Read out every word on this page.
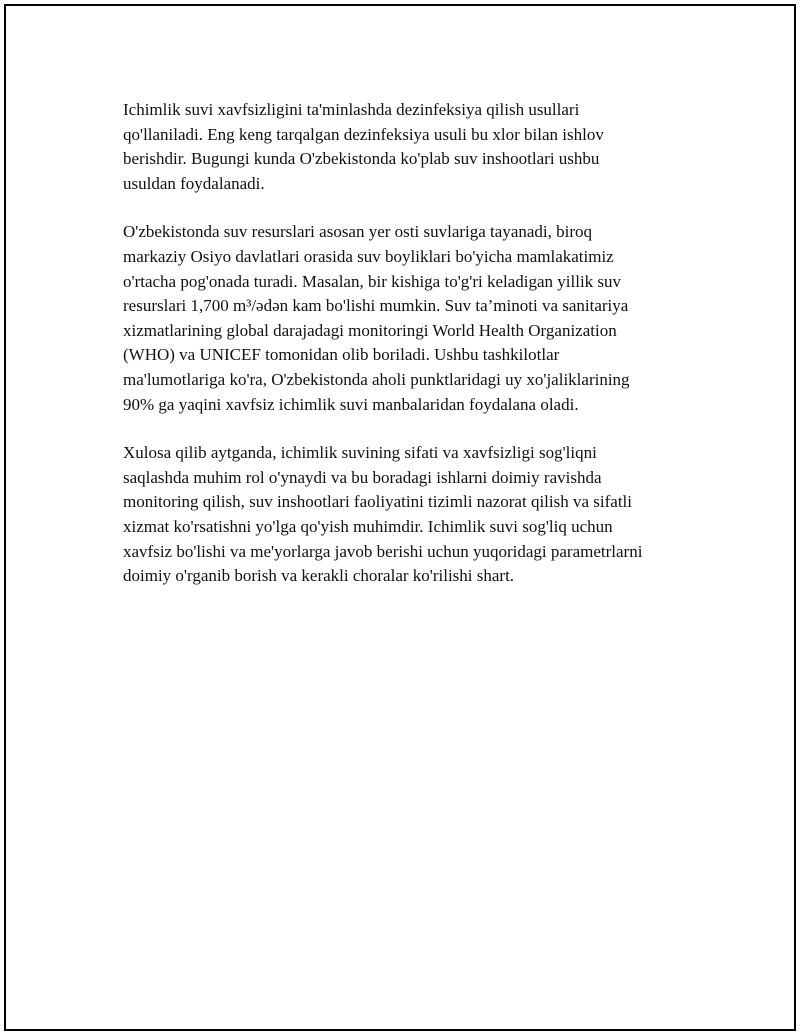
Ichimlik suvi xavfsizligini ta'minlashda dezinfeksiya qilish usullari
qo'llaniladi. Eng keng tarqalgan dezinfeksiya usuli bu xlor bilan ishlov
berishdir. Bugungi kunda O'zbekistonda ko'plab suv inshootlari ushbu
usuldan foydalanadi.

O'zbekistonda suv resurslari asosan yer osti suvlariga tayanadi, biroq
markaziy Osiyo davlatlari orasida suv boyliklari bo'yicha mamlakatimiz
o'rtacha pog'onada turadi. Masalan, bir kishiga to'g'ri keladigan yillik suv
resurslari 1,700 m³/ədən kam bo'lishi mumkin. Suv ta’minoti va sanitariya
xizmatlarining global darajadagi monitoringi World Health Organization
(WHO) va UNICEF tomonidan olib boriladi. Ushbu tashkilotlar
ma'lumotlariga ko'ra, O'zbekistonda aholi punktlaridagi uy xo'jaliklarining
90% ga yaqini xavfsiz ichimlik suvi manbalaridan foydalana oladi.

Xulosa qilib aytganda, ichimlik suvining sifati va xavfsizligi sog'liqni
saqlashda muhim rol o'ynaydi va bu boradagi ishlarni doimiy ravishda
monitoring qilish, suv inshootlari faoliyatini tizimli nazorat qilish va sifatli
xizmat ko'rsatishni yo'lga qo'yish muhimdir. Ichimlik suvi sog'liq uchun
xavfsiz bo'lishi va me'yorlarga javob berishi uchun yuqoridagi parametrlarni
doimiy o'rganib borish va kerakli choralar ko'rilishi shart.
